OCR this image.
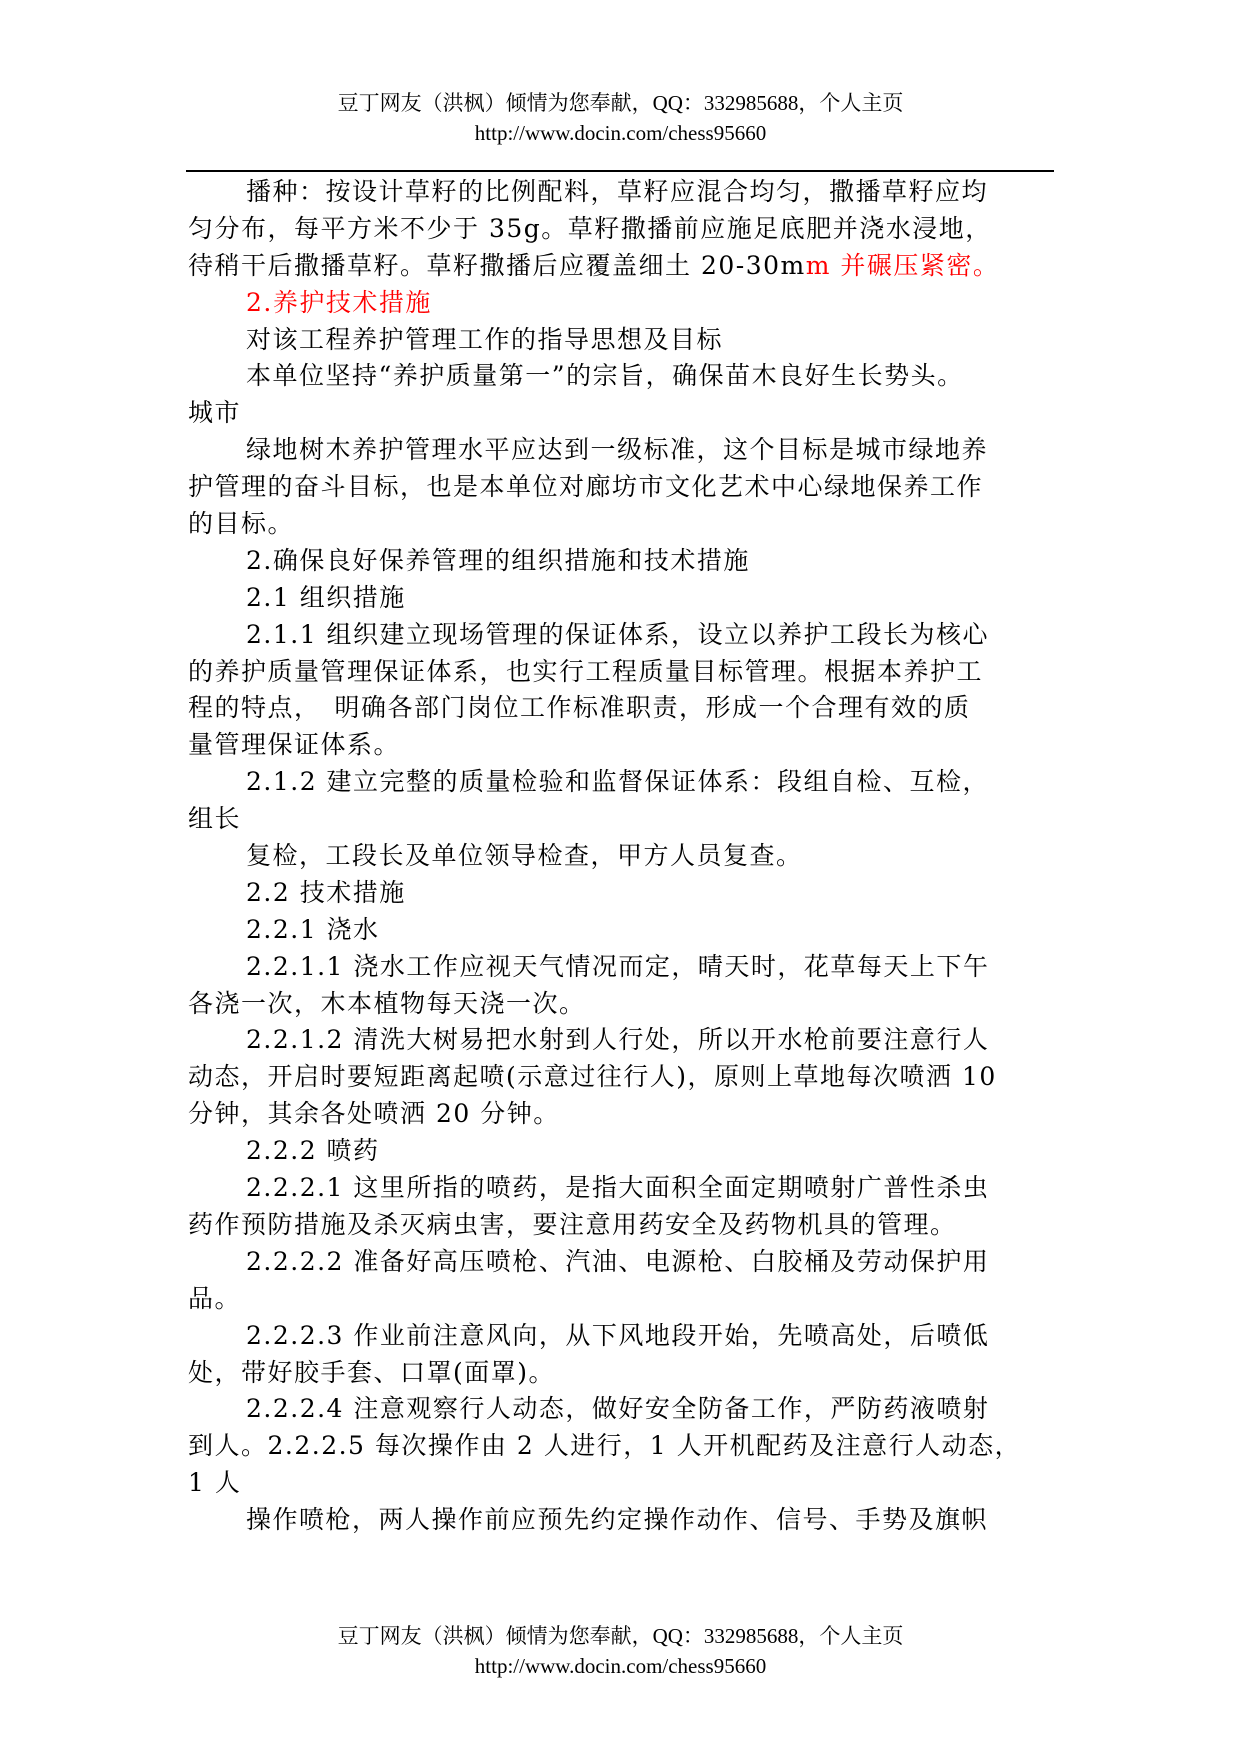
豆丁网友（洪枫）倾情为您奉献，QQ：332985688，个人主页
http://www.docin.com/chess95660
播种：按设计草籽的比例配料，草籽应混合均匀，撒播草籽应均
匀分布，每平方米不少于 35g。草籽撒播前应施足底肥并浇水浸地，
待稍干后撒播草籽。草籽撒播后应覆盖细土 20-30mm 并碾压紧密。
2.养护技术措施
对该工程养护管理工作的指导思想及目标
本单位坚持“养护质量第一”的宗旨，确保苗木良好生长势头。
城市
绿地树木养护管理水平应达到一级标准，这个目标是城市绿地养
护管理的奋斗目标，也是本单位对廊坊市文化艺术中心绿地保养工作
的目标。
2.确保良好保养管理的组织措施和技术措施
2.1 组织措施
2.1.1 组织建立现场管理的保证体系，设立以养护工段长为核心
的养护质量管理保证体系，也实行工程质量目标管理。根据本养护工
程的特点，　明确各部门岗位工作标准职责，形成一个合理有效的质
量管理保证体系。
2.1.2 建立完整的质量检验和监督保证体系：段组自检、互检，
组长
复检，工段长及单位领导检查，甲方人员复查。
2.2 技术措施
2.2.1 浇水
2.2.1.1 浇水工作应视天气情况而定，晴天时，花草每天上下午
各浇一次，木本植物每天浇一次。
2.2.1.2 清洗大树易把水射到人行处，所以开水枪前要注意行人
动态，开启时要短距离起喷(示意过往行人)，原则上草地每次喷洒 10
分钟，其余各处喷洒 20 分钟。
2.2.2 喷药
2.2.2.1 这里所指的喷药，是指大面积全面定期喷射广普性杀虫
药作预防措施及杀灭病虫害，要注意用药安全及药物机具的管理。
2.2.2.2 准备好高压喷枪、汽油、电源枪、白胶桶及劳动保护用
品。
2.2.2.3 作业前注意风向，从下风地段开始，先喷高处，后喷低
处，带好胶手套、口罩(面罩)。
2.2.2.4 注意观察行人动态，做好安全防备工作，严防药液喷射
到人。2.2.2.5 每次操作由 2 人进行，1 人开机配药及注意行人动态，
1 人
操作喷枪，两人操作前应预先约定操作动作、信号、手势及旗帜
豆丁网友（洪枫）倾情为您奉献，QQ：332985688，个人主页
http://www.docin.com/chess95660
